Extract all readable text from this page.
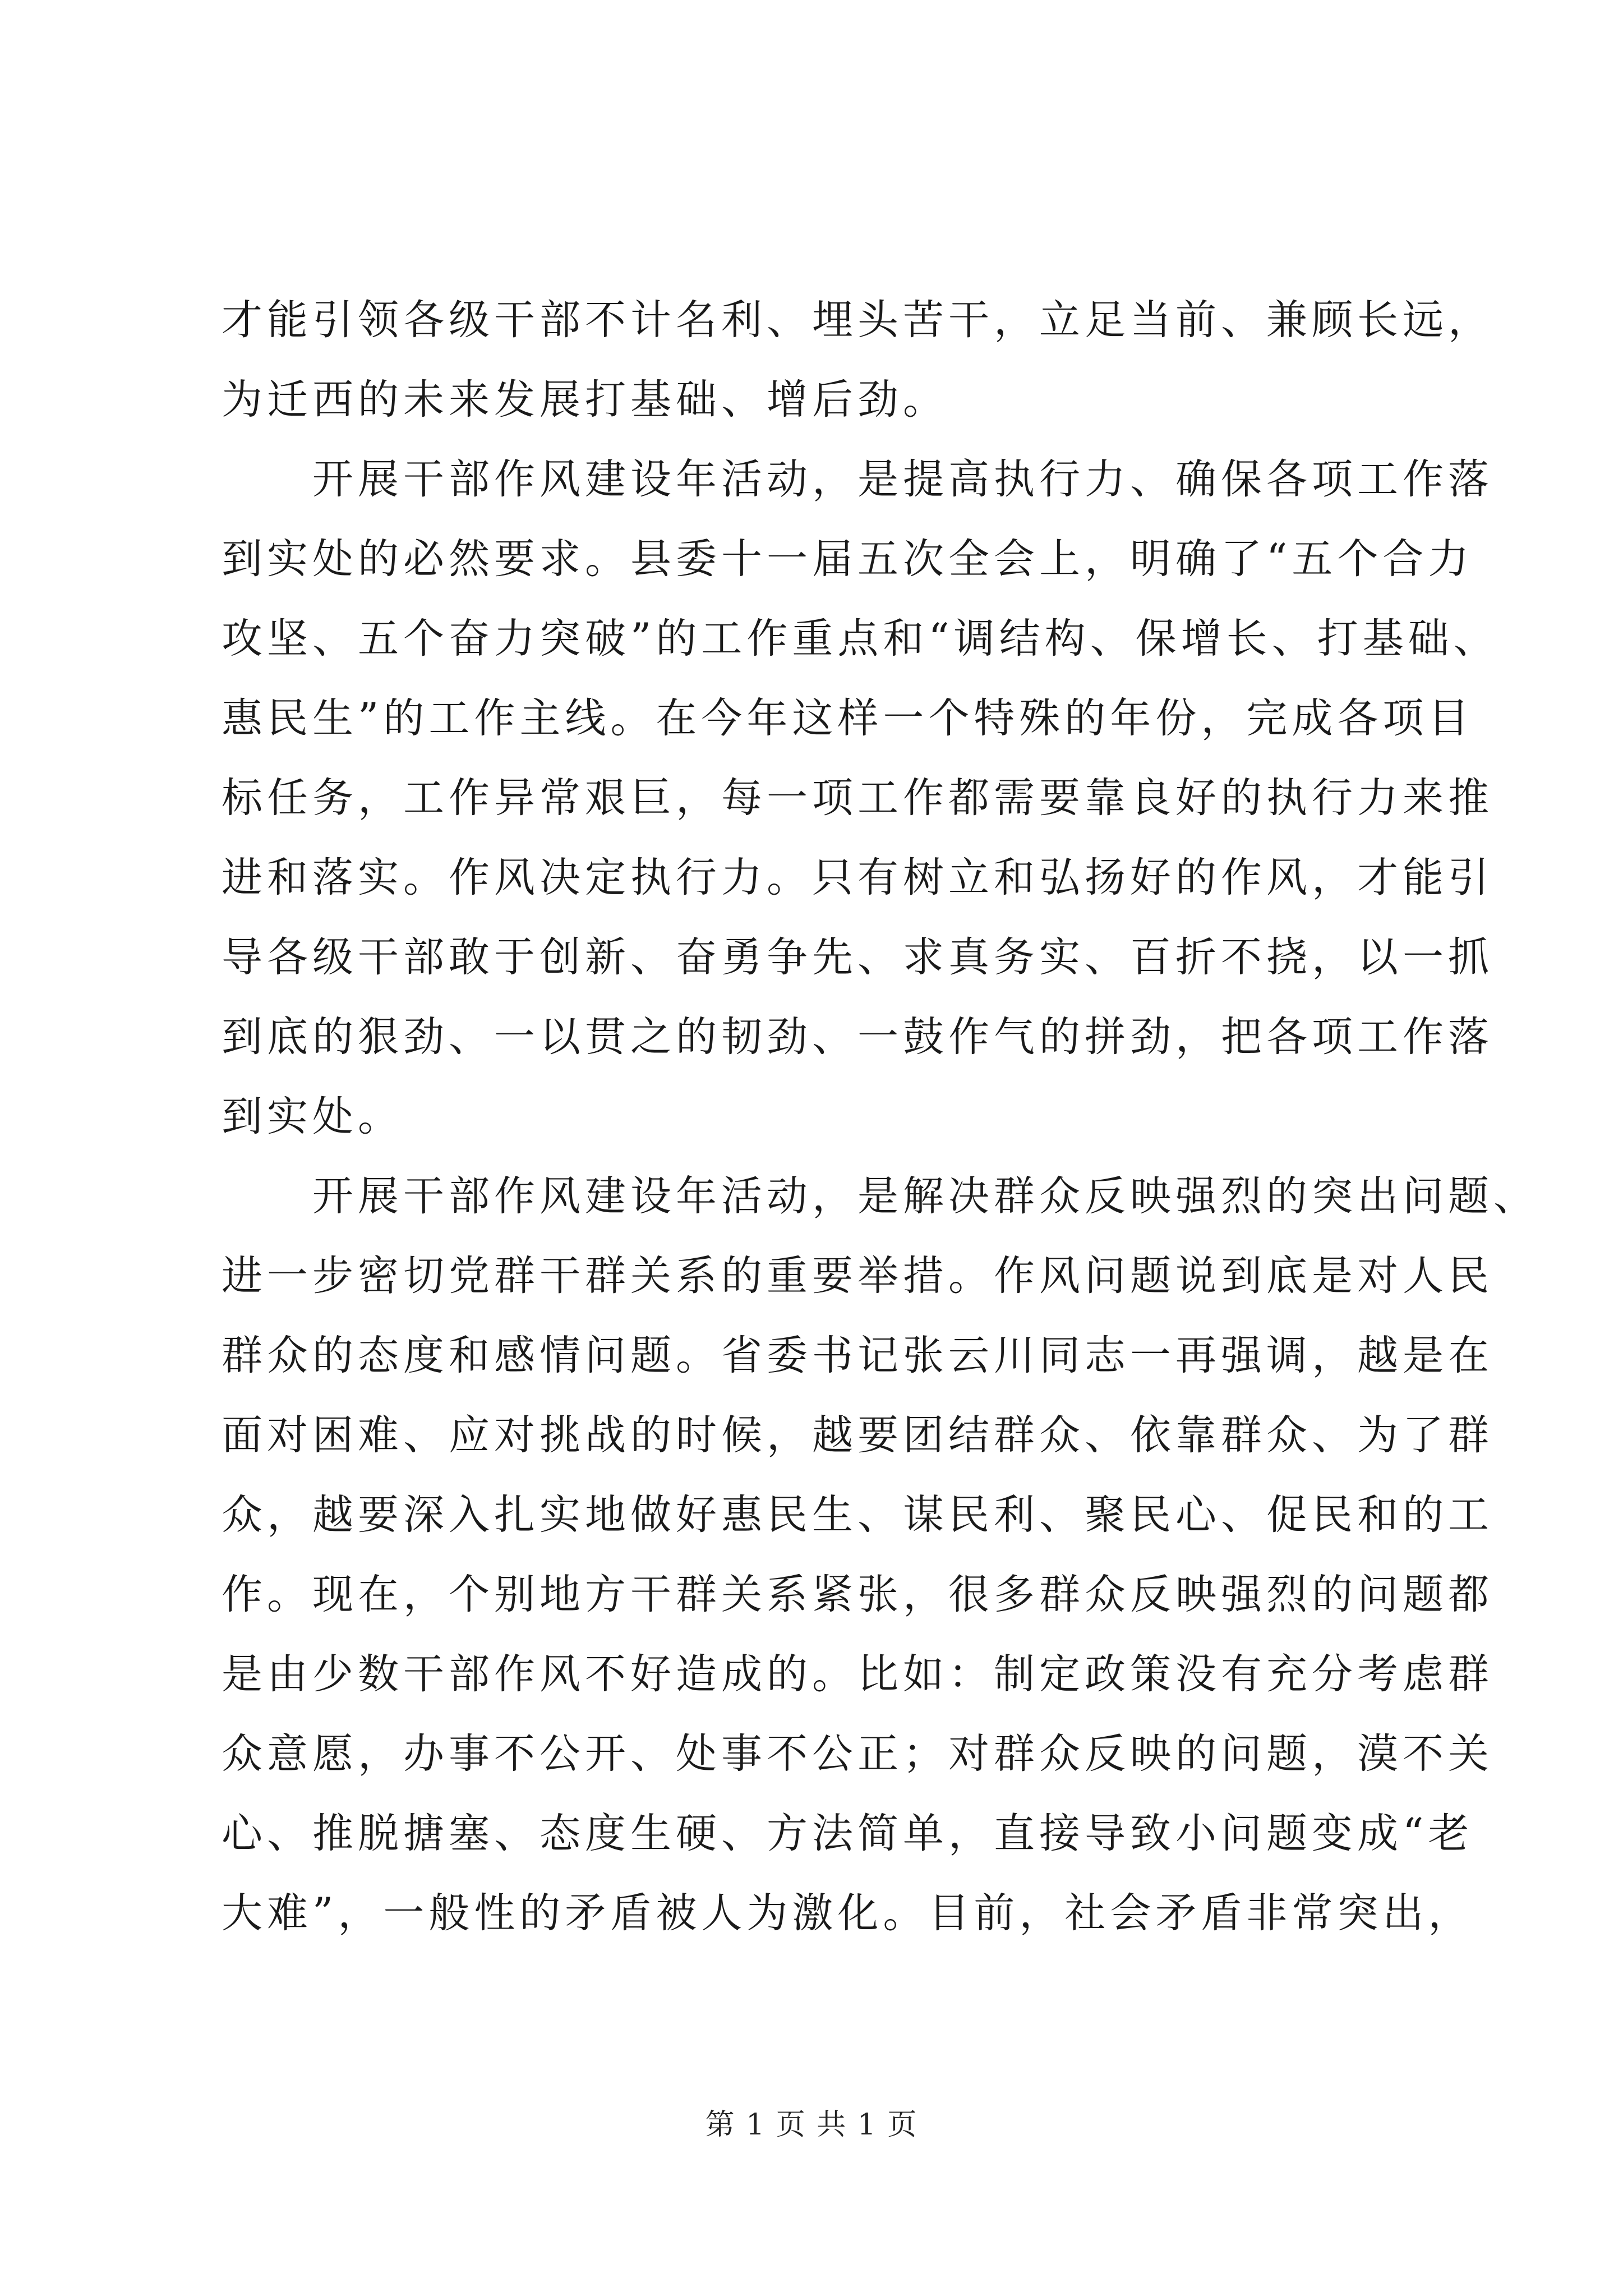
才能引领各级干部不计名利、埋头苦干，立足当前、兼顾长远，
为迁西的未来发展打基础、增后劲。
开展干部作风建设年活动，是提高执行力、确保各项工作落
到实处的必然要求。县委十一届五次全会上，明确了“五个合力
攻坚、五个奋力突破”的工作重点和“调结构、保增长、打基础、
惠民生”的工作主线。在今年这样一个特殊的年份，完成各项目
标任务，工作异常艰巨，每一项工作都需要靠良好的执行力来推
进和落实。作风决定执行力。只有树立和弘扬好的作风，才能引
导各级干部敢于创新、奋勇争先、求真务实、百折不挠，以一抓
到底的狠劲、一以贯之的韧劲、一鼓作气的拼劲，把各项工作落
到实处。
开展干部作风建设年活动，是解决群众反映强烈的突出问题、
进一步密切党群干群关系的重要举措。作风问题说到底是对人民
群众的态度和感情问题。省委书记张云川同志一再强调，越是在
面对困难、应对挑战的时候，越要团结群众、依靠群众、为了群
众，越要深入扎实地做好惠民生、谋民利、聚民心、促民和的工
作。现在，个别地方干群关系紧张，很多群众反映强烈的问题都
是由少数干部作风不好造成的。比如：制定政策没有充分考虑群
众意愿，办事不公开、处事不公正；对群众反映的问题，漠不关
心、推脱搪塞、态度生硬、方法简单，直接导致小问题变成“老
大难”，一般性的矛盾被人为激化。目前，社会矛盾非常突出，
第 1 页 共 1 页
